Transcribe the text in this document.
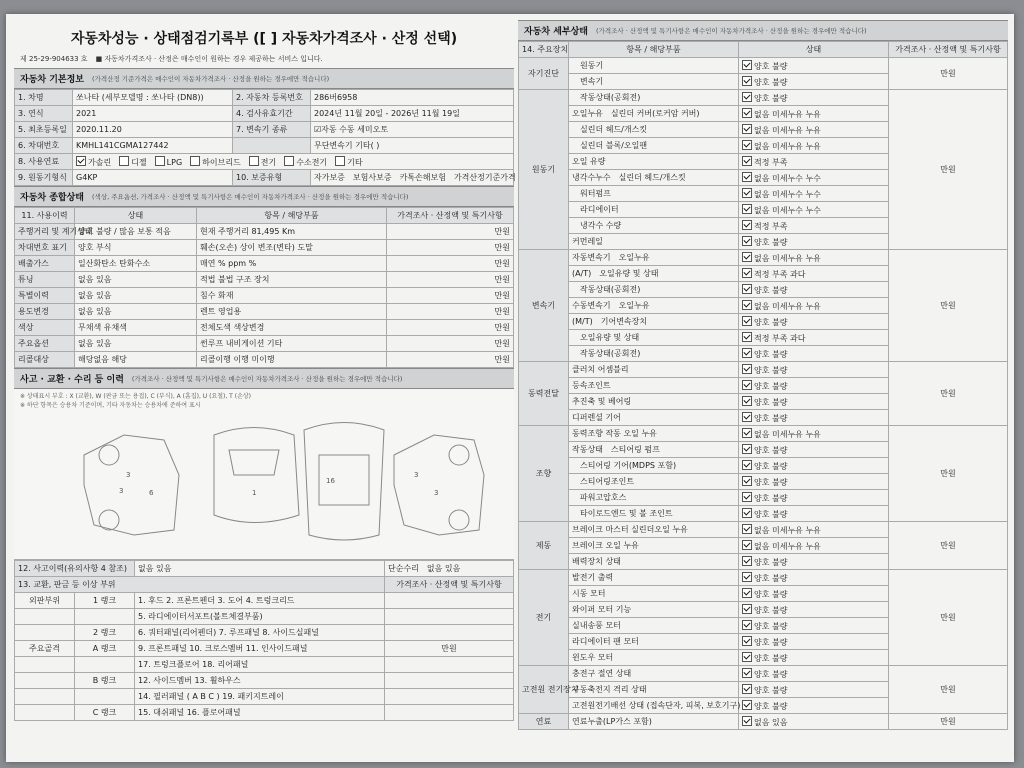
자동차성능 · 상태점검기록부 ([ ] 자동차가격조사 · 산정 선택)
제 25-29-904633 호 ■ 자동차가격조사 · 산정은 매수인이 원하는 경우 제공하는 서비스 입니다.
자동차 기본정보 (가격산정 기준가격은 매수인이 자동차가격조사 · 산정을 원하는 경우에만 적습니다)
1. 차명	쏘나타 (세부모델명 : 쏘나타 (DN8))	2. 자동차 등록번호	286버6958
3. 연식	2021	4. 검사유효기간	2024년 11월 20일 - 2026년 11월 19일
5. 최초등록일	2020.11.20	7. 변속기 종류	☑자동 수동 세미오토
6. 차대번호	KMHL141CGMA127442		무단변속기 기타( )
8. 사용연료	가솔린 디젤 LPG 하이브리드 전기 수소전기 기타		
9. 원동기형식	G4KP	10. 보증유형	자가보증 보험사보증 카톡손해보험 가격산정기준가격
자동차 종합상태 (색상, 주요옵션, 가격조사 · 산정액 및 특기사항은 매수인이 자동차가격조사 · 산정을 원하는 경우에만 적습니다)
11. 사용이력	상태	항목 / 해당부품	가격조사 · 산정액 및 특기사항
주행거리 및 계기상태	양호 불량 / 많음 보통 적음	현재 주행거리 81,495 Km	만원
차대번호 표기	양호 부식	훼손(오손) 상이 변조(변타) 도말	만원
배출가스	일산화탄소 탄화수소	매연 % ppm %	만원
튜닝	없음 있음	적법 불법 구조 장치	만원
특별이력	없음 있음	침수 화재	만원
용도변경	없음 있음	렌트 영업용	만원
색상	무채색 유채색	전체도색 색상변경	만원
주요옵션	없음 있음	썬루프 내비게이션 기타	만원
리콜대상	해당없음 해당	리콜이행 이행 미이행	만원
사고 · 교환 · 수리 등 이력 (가격조사 · 산정액 및 특기사항은 매수인이 자동차가격조사 · 산정을 원하는 경우에만 적습니다)
※ 상태표시 부호 : X (교환), W (판금 또는 용접), C (부식), A (흠집), U (요철), T (손상)
※ 하단 항목은 승용차 기준이며, 기타 자동차는 승용차에 준하여 표시
3
3	6	1
16
3
3
12. 사고이력(유의사항 4 참조)		없음 있음	단순수리 없음 있음
13. 교환, 판금 등 이상 부위			가격조사 · 산정액 및 특기사항
외판부위	1 랭크	1. 후드 2. 프론트펜더 3. 도어 4. 트렁크리드	
		5. 라디에이터서포트(볼트체결부품)	
	2 랭크	6. 쿼터패널(리어펜더) 7. 루프패널 8. 사이드실패널	
주요골격	A 랭크	9. 프론트패널 10. 크로스멤버 11. 인사이드패널	만원
		17. 트렁크플로어 18. 리어패널	
	B 랭크	12. 사이드멤버 13. 휠하우스	
		14. 필러패널 ( A B C ) 19. 패키지트레이	
	C 랭크	15. 대쉬패널 16. 플로어패널	
자동차 세부상태 (가격조사 · 산정액 및 특기사항은 매수인이 자동차가격조사 · 산정을 원하는 경우에만 적습니다)
14. 주요장치	항목 / 해당부품	상태	가격조사 · 산정액 및 특기사항
자기진단	원동기	양호 불량	만원
	변속기	양호 불량	
원동기	작동상태(공회전)	양호 불량	만원
	오일누유 실린더 커버(로커암 커버)	없음 미세누유 누유	
	실린더 헤드/개스킷	없음 미세누유 누유	
	실린더 블록/오일팬	없음 미세누유 누유	
	오일 유량	적정 부족	
	냉각수누수 실린더 헤드/개스킷	없음 미세누수 누수	
	워터펌프	없음 미세누수 누수	
	라디에이터	없음 미세누수 누수	
	냉각수 수량	적정 부족	
	커먼레일	양호 불량	
변속기	자동변속기 오일누유	없음 미세누유 누유	만원
	(A/T) 오일유량 및 상태	적정 부족 과다	
	작동상태(공회전)	양호 불량	
	수동변속기 오일누유	없음 미세누유 누유	
	(M/T) 기어변속장치	양호 불량	
	오일유량 및 상태	적정 부족 과다	
	작동상태(공회전)	양호 불량	
동력전달	클러치 어셈블리	양호 불량	만원
	등속조인트	양호 불량	
	추진축 및 베어링	양호 불량	
	디퍼렌셜 기어	양호 불량	
조향	동력조향 작동 오일 누유	없음 미세누유 누유	만원
	작동상태 스티어링 펌프	양호 불량	
	스티어링 기어(MDPS 포함)	양호 불량	
	스티어링조인트	양호 불량	
	파워고압호스	양호 불량	
	타이로드엔드 및 볼 조인트	양호 불량	
제동	브레이크 마스터 실린더오일 누유	없음 미세누유 누유	만원
	브레이크 오일 누유	없음 미세누유 누유	
	배력장치 상태	양호 불량	
전기	발전기 출력	양호 불량	만원
	시동 모터	양호 불량	
	와이퍼 모터 기능	양호 불량	
	실내송풍 모터	양호 불량	
	라디에이터 팬 모터	양호 불량	
	윈도우 모터	양호 불량	
고전원 전기장치	충전구 절연 상태	양호 불량	만원
	구동축전지 격리 상태	양호 불량	
	고전원전기배선 상태 (접속단자, 피복, 보호기구)	양호 불량	
연료	연료누출(LP가스 포함)	없음 있음	만원
